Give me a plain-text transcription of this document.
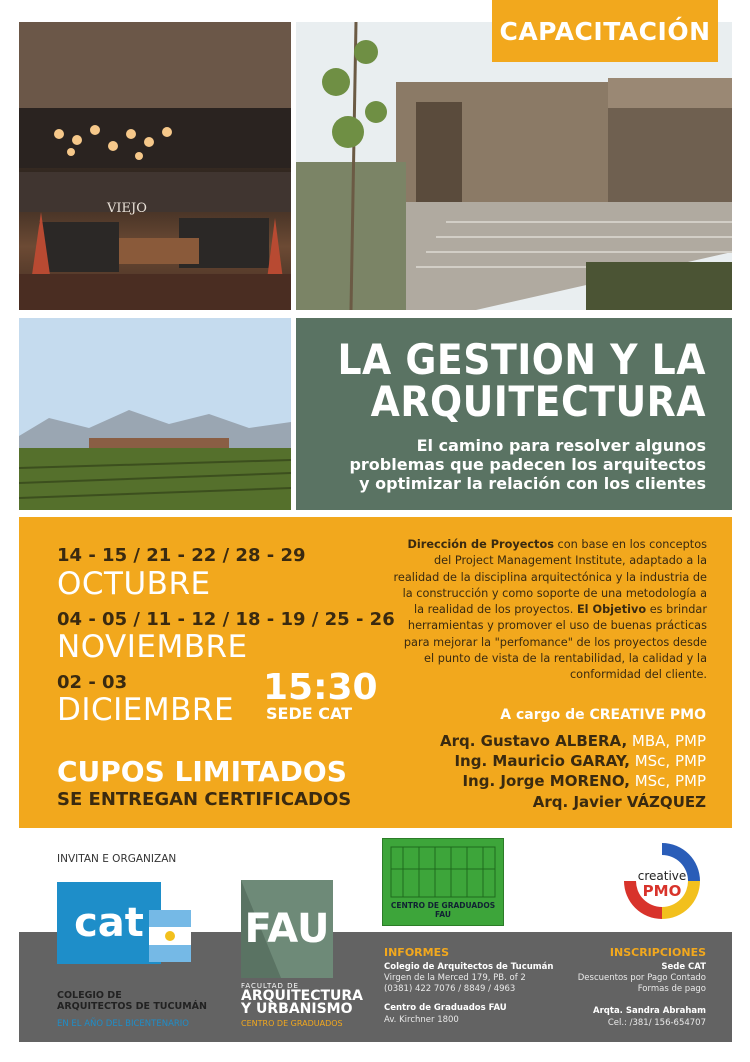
VIEJO
CAPACITACIÓN
LA GESTION Y LA
ARQUITECTURA
El camino para resolver algunos
problemas que padecen los arquitectos
y optimizar la relación con los clientes
14 - 15 / 21 - 22 / 28 - 29
OCTUBRE
04 - 05 / 11 - 12 / 18 - 19 / 25 - 26
NOVIEMBRE
02 - 03
DICIEMBRE
15:30
SEDE CAT
CUPOS LIMITADOS
SE ENTREGAN CERTIFICADOS
Dirección de Proyectos con base en los conceptos del Project Management Institute, adaptado a la realidad de la disciplina arquitectónica y la industria de la construcción y como soporte de una metodología a la realidad de los proyectos. El Objetivo es brindar herramientas y promover el uso de buenas prácticas para mejorar la "perfomance" de los proyectos desde el punto de vista de la rentabilidad, la calidad y la conformidad del cliente.
A cargo de CREATIVE PMO
Arq. Gustavo ALBERA, MBA, PMP
Ing. Mauricio GARAY, MSc, PMP
Ing. Jorge MORENO, MSc, PMP
Arq. Javier VÁZQUEZ
INVITAN E ORGANIZAN
cat
COLEGIO DE
ARQUITECTOS DE TUCUMÁN
EN EL AÑO DEL BICENTENARIO
FAU
FACULTAD DE
ARQUITECTURA
Y URBANISMO
CENTRO DE GRADUADOS
CENTRO DE GRADUADOS FAU
creative
PMO
INFORMES
Colegio de Arquitectos de Tucumán
Virgen de la Merced 179, PB. of 2
(0381) 422 7076 / 8849 / 4963
Centro de Graduados FAU
Av. Kirchner 1800
INSCRIPCIONES
Sede CAT
Descuentos por Pago Contado
Formas de pago
Arqta. Sandra Abraham
Cel.: /381/ 156-654707
